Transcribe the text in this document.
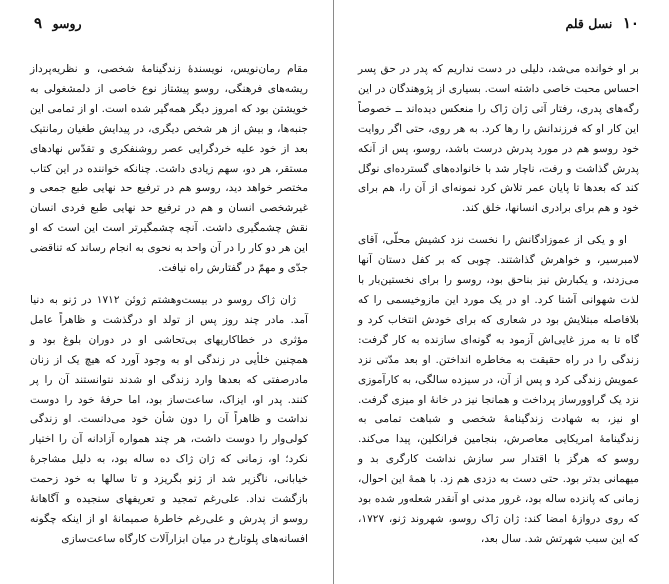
روسو ۹

مقام رمان‌نویس، نویسندهٔ زندگینامهٔ شخصی، و نظریه‌پرداز ریشه‌های فرهنگی، روسو پیشتاز نوع خاصی از دلمشغولی به خویشتن بود که امروز دیگر همه‌گیر شده است. او از تمامی این جنبه‌ها، و بیش از هر شخص دیگری، در پیدایش طغیان رمانتیک بعد از خود علیه خردگرایی عصر روشنفکری و تقدّس نهادهای مستقر، هر دو، سهم زیادی داشت. چنانکه خواننده در این کتاب مختصر خواهد دید، روسو هم در ترفیع حد نهایی طبع جمعی و غیرشخصی انسان و هم در ترفیع حد نهایی طبع فردی انسان نقش چشمگیری داشت. آنچه چشمگیرتر است این است که او این هر دو کار را در آن واحد به نحوی به انجام رساند که تناقضی جدّی و مهمّ در گفتارش راه نیافت.

ژان ژاک روسو در بیست‌وهشتم ژوئن ۱۷۱۲ در ژنو به دنیا آمد. مادر چند روز پس از تولد او درگذشت و ظاهراً عامل مؤثری در خطاکاریهای بی‌تحاشی او در دوران بلوغ بود و همچنین خلأیی در زندگی او به وجود آورد که هیچ یک از زنان مادرصفتی که بعدها وارد زندگی او شدند نتوانستند آن را پر کنند. پدر او، ایزاک، ساعت‌ساز بود، اما حرفهٔ خود را دوست نداشت و ظاهراً آن را دون شأن خود می‌دانست. او زندگی کولی‌وار را دوست داشت، هر چند همواره آزادانه آن را اختیار نکرد؛ او، زمانی که ژان ژاک ده ساله بود، به دلیل مشاجرهٔ خیابانی، ناگزیر شد از ژنو بگریزد و تا سالها به خود زحمت بازگشت نداد. علی‌رغم تمجید و تعریفهای سنجیده و آگاهانهٔ روسو از پدرش و علی‌رغم خاطرهٔ صمیمانهٔ او از اینکه چگونه افسانه‌های پلوتارخ در میان ابزارآلات کارگاه ساعت‌سازی

۱۰ نسل قلم

بر او خوانده می‌شد، دلیلی در دست نداریم که پدر در حق پسر احساس محبت خاصی داشته است. بسیاری از پژوهندگان در این رگه‌های پدری، رفتار آتی ژان ژاک را منعکس دیده‌اند ــ خصوصاً این کار او که فرزندانش را رها کرد. به هر روی، حتی اگر روایت خود روسو هم در مورد پدرش درست باشد، روسو، پس از آنکه پدرش گذاشت و رفت، ناچار شد با خانواده‌های گسترده‌ای نوگل کند که بعدها تا پایان عمر تلاش کرد نمونه‌ای از آن را، هم برای خود و هم برای برادری انسانها، خلق کند.

او و یکی از عموزادگانش را نخست نزد کشیش محلّی، آقای لامبرسیر، و خواهرش گذاشتند. چوبی که بر کفل دستان آنها می‌زدند، و یکبارش نیز بناحق بود، روسو را برای نخستین‌بار با لذت شهوانی آشنا کرد. او در یک مورد این مازوخیسمی را که بلافاصله مبتلایش بود در شعاری که برای خودش انتخاب کرد و گاه تا به مرز غایی‌اش آزمود به گونه‌ای سازنده به کار گرفت: زندگی را در راه حقیقت به مخاطره انداختن. او بعد مدّتی نزد عمویش زندگی کرد و پس از آن، در سیزده سالگی، به کارآموزی نزد یک گراوورساز پرداخت و همانجا نیز در خانهٔ او میزی گرفت. او نیز، به شهادت زندگینامهٔ شخصی و شباهت تمامی به زندگینامهٔ امریکایی معاصرش، بنجامین فرانکلین، پیدا می‌کند. روسو که هرگز با اقتدار سر سازش نداشت کارگری بد و میهمانی بدتر بود. حتی دست به دزدی هم زد. با همهٔ این احوال، زمانی که پانزده ساله بود، غرور مدنی او آنقدر شعله‌ور شده بود که روی دروازهٔ امضا کند: ژان ژاک روسو، شهروند ژنو، ۱۷۲۷، که این سبب شهرتش شد. سال بعد،
